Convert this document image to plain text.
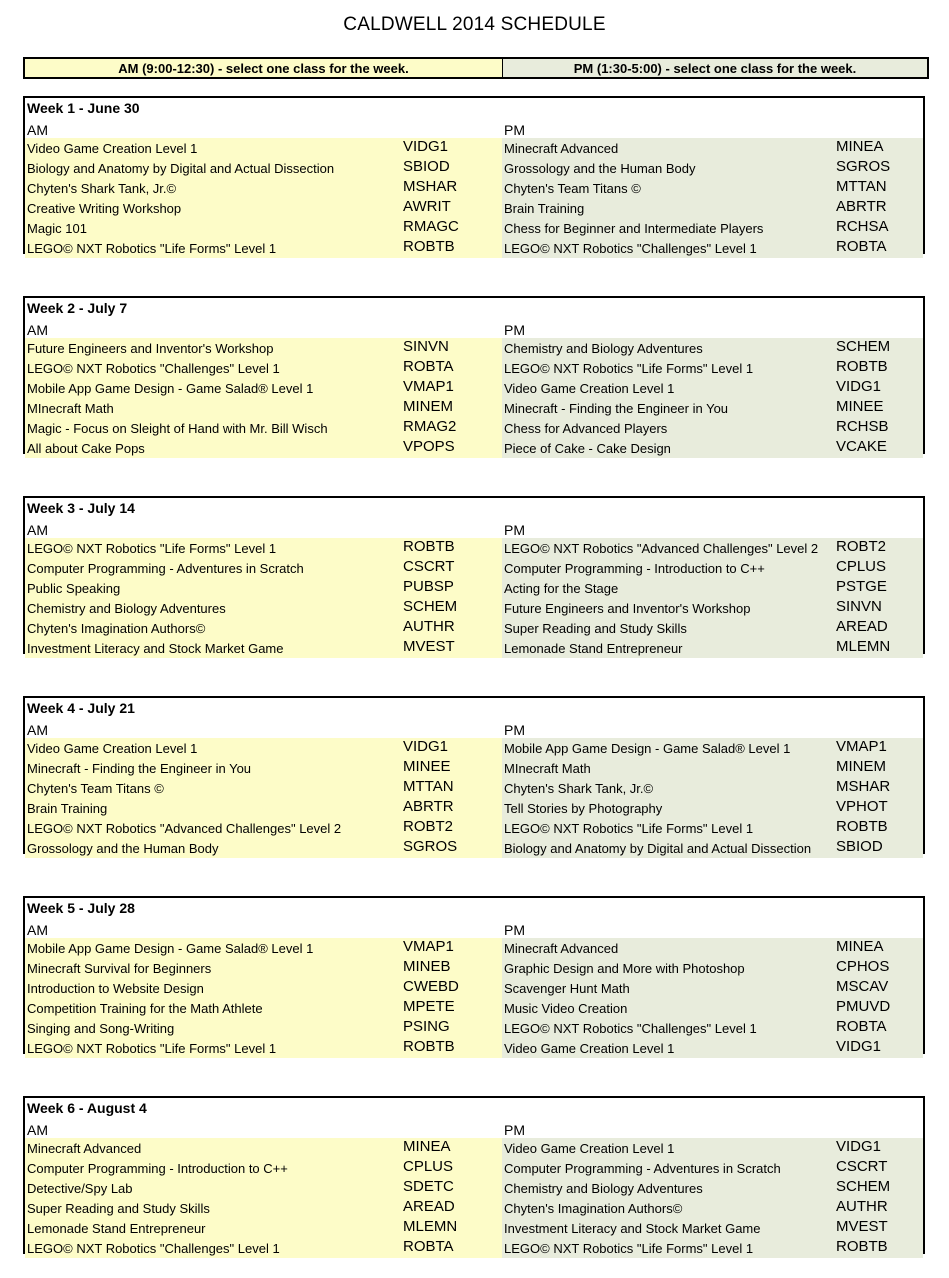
CALDWELL 2014 SCHEDULE
AM (9:00-12:30) - select one class for the week.	PM (1:30-5:00) - select one class for the week.
Week 1 - June 30
AM	PM
Video Game Creation Level 1	VIDG1	Minecraft Advanced	MINEA
Biology and Anatomy by Digital and Actual Dissection	SBIOD	Grossology and the Human Body	SGROS
Chyten's Shark Tank, Jr.©	MSHAR	Chyten's Team Titans ©	MTTAN
Creative Writing Workshop	AWRIT	Brain Training	ABRTR
Magic 101	RMAGC	Chess for Beginner and Intermediate Players	RCHSA
LEGO© NXT Robotics "Life Forms" Level 1	ROBTB	LEGO© NXT Robotics "Challenges" Level 1	ROBTA
Week 2 - July 7
AM	PM
Future Engineers and Inventor's Workshop	SINVN	Chemistry and Biology Adventures	SCHEM
LEGO© NXT Robotics "Challenges" Level 1	ROBTA	LEGO© NXT Robotics "Life Forms" Level 1	ROBTB
Mobile App Game Design - Game Salad® Level 1	VMAP1	Video Game Creation Level 1	VIDG1
MInecraft Math	MINEM	Minecraft - Finding the Engineer in You	MINEE
Magic - Focus on Sleight of Hand with Mr. Bill Wisch	RMAG2	Chess for Advanced Players	RCHSB
All about Cake Pops	VPOPS	Piece of Cake - Cake Design	VCAKE
Week 3 - July 14
AM	PM
LEGO© NXT Robotics "Life Forms" Level 1	ROBTB	LEGO© NXT Robotics "Advanced Challenges" Level 2 ROBT2
Computer Programming - Adventures in Scratch	CSCRT	Computer Programming - Introduction to C++	CPLUS
Public Speaking	PUBSP	Acting for the Stage	PSTGE
Chemistry and Biology Adventures	SCHEM	Future Engineers and Inventor's Workshop	SINVN
Chyten's Imagination Authors©	AUTHR	Super Reading and Study Skills	AREAD
Investment Literacy and Stock Market Game	MVEST	Lemonade Stand Entrepreneur	MLEMN
Week 4 - July 21
AM	PM
Video Game Creation Level 1	VIDG1	Mobile App Game Design - Game Salad® Level 1	VMAP1
Minecraft - Finding the Engineer in You	MINEE	MInecraft Math	MINEM
Chyten's Team Titans ©	MTTAN	Chyten's Shark Tank, Jr.©	MSHAR
Brain Training	ABRTR	Tell Stories by Photography	VPHOT
LEGO© NXT Robotics "Advanced Challenges" Level 2	ROBT2	LEGO© NXT Robotics "Life Forms" Level 1	ROBTB
Grossology and the Human Body	SGROS	Biology and Anatomy by Digital and Actual Dissection SBIOD
Week 5 - July 28
AM	PM
Mobile App Game Design - Game Salad® Level 1	VMAP1	Minecraft Advanced	MINEA
Minecraft Survival for Beginners	MINEB	Graphic Design and More with Photoshop	CPHOS
Introduction to Website Design	CWEBD	Scavenger Hunt Math	MSCAV
Competition Training for the Math Athlete	MPETE	Music Video Creation	PMUVD
Singing and Song-Writing	PSING	LEGO© NXT Robotics "Challenges" Level 1	ROBTA
LEGO© NXT Robotics "Life Forms" Level 1	ROBTB	Video Game Creation Level 1	VIDG1
Week 6 - August 4
AM	PM
Minecraft Advanced	MINEA	Video Game Creation Level 1	VIDG1
Computer Programming - Introduction to C++	CPLUS	Computer Programming - Adventures in Scratch	CSCRT
Detective/Spy Lab	SDETC	Chemistry and Biology Adventures	SCHEM
Super Reading and Study Skills	AREAD	Chyten's Imagination Authors©	AUTHR
Lemonade Stand Entrepreneur	MLEMN	Investment Literacy and Stock Market Game	MVEST
LEGO© NXT Robotics "Challenges" Level 1	ROBTA	LEGO© NXT Robotics "Life Forms" Level 1	ROBTB
